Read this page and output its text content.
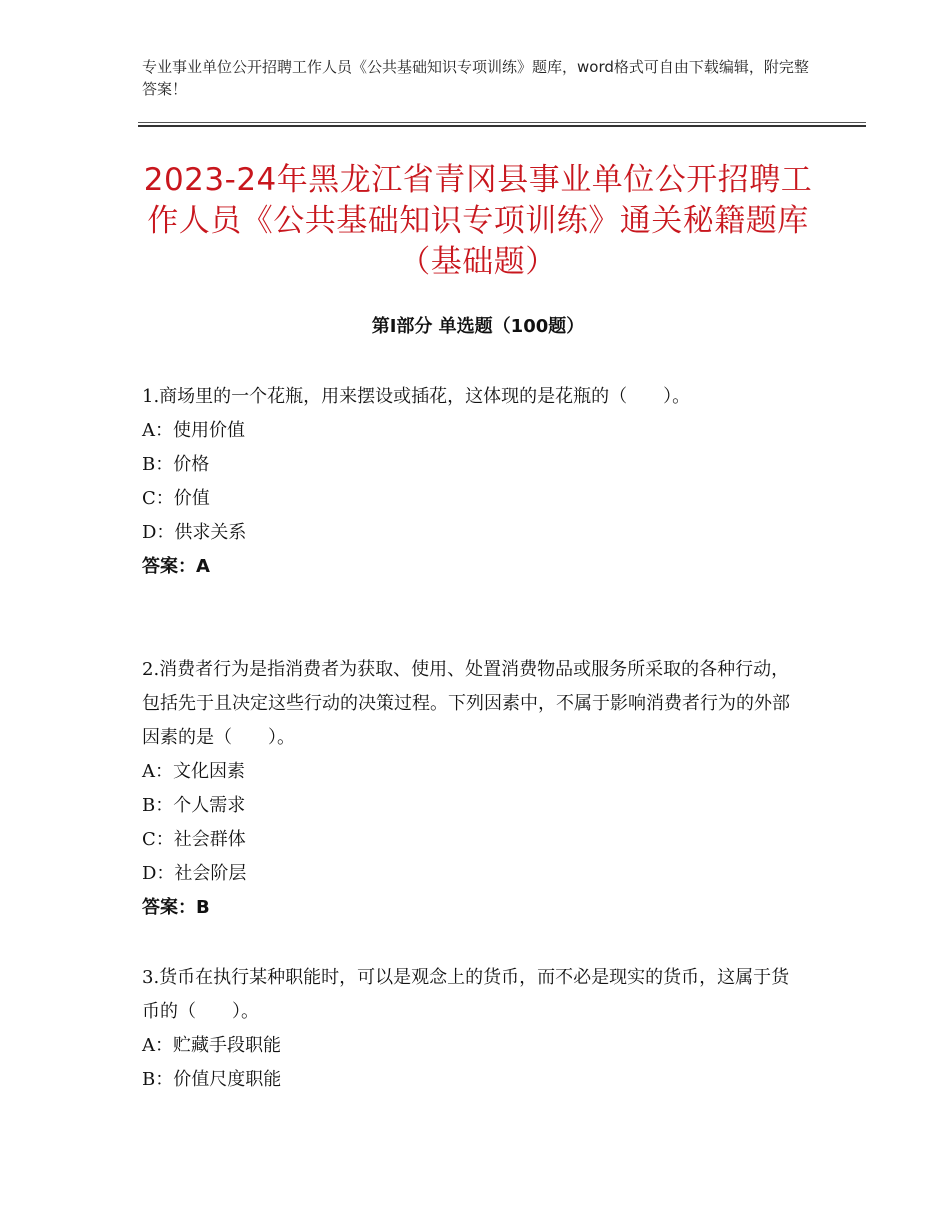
专业事业单位公开招聘工作人员《公共基础知识专项训练》题库，word格式可自由下载编辑，附完整答案！
2023-24年黑龙江省青冈县事业单位公开招聘工作人员《公共基础知识专项训练》通关秘籍题库（基础题）
第Ⅰ部分 单选题（100题）

1.商场里的一个花瓶，用来摆设或插花，这体现的是花瓶的（　　）。

A：使用价值

B：价格

C：价值

D：供求关系

答案：A

2.消费者行为是指消费者为获取、使用、处置消费物品或服务所采取的各种行动，包括先于且决定这些行动的决策过程。下列因素中，不属于影响消费者行为的外部因素的是（　　）。

A：文化因素

B：个人需求

C：社会群体

D：社会阶层

答案：B

3.货币在执行某种职能时，可以是观念上的货币，而不必是现实的货币，这属于货币的（　　）。

A：贮藏手段职能

B：价值尺度职能
